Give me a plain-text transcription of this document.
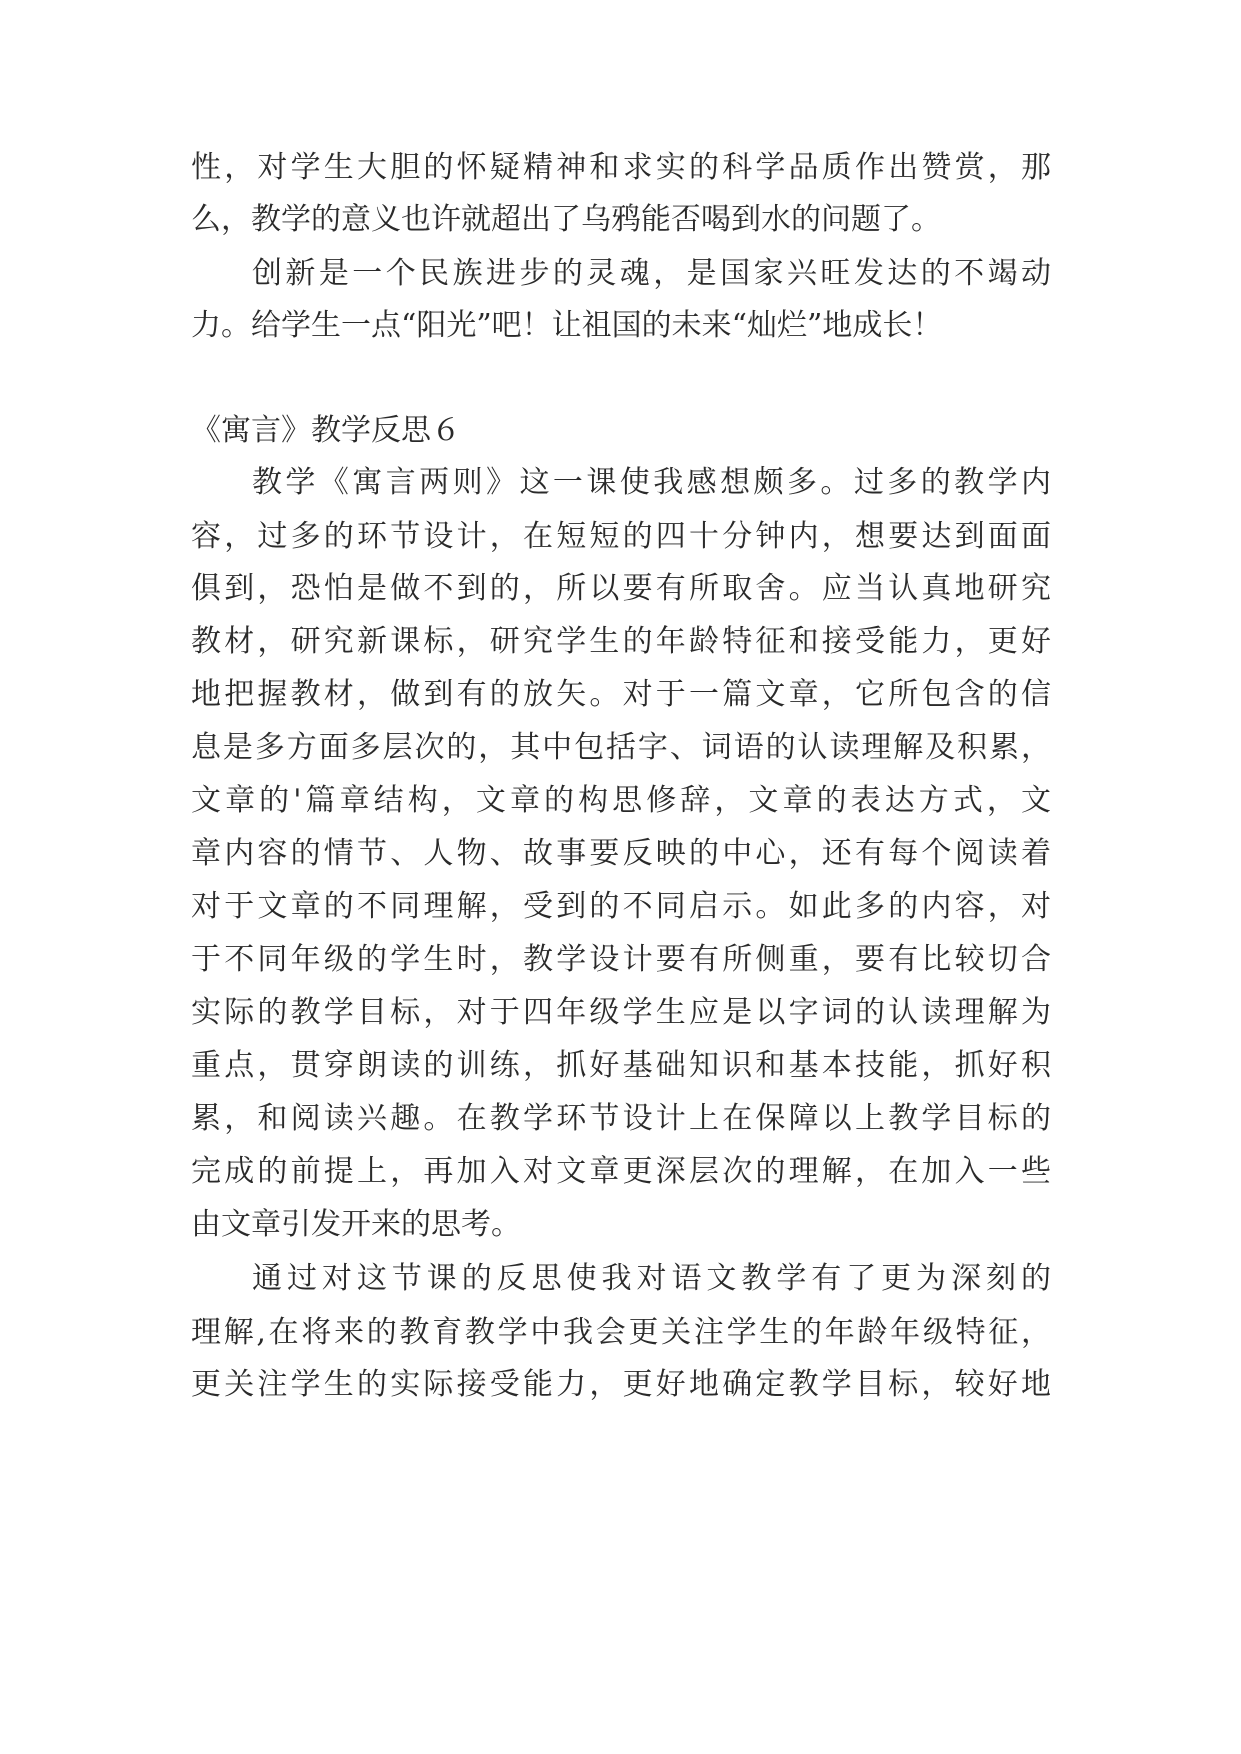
性，对学生大胆的怀疑精神和求实的科学品质作出赞赏，那
么，教学的意义也许就超出了乌鸦能否喝到水的问题了。
创新是一个民族进步的灵魂，是国家兴旺发达的不竭动
力。给学生一点“阳光”吧！让祖国的未来“灿烂”地成长！
《寓言》教学反思６
教学《寓言两则》这一课使我感想颇多。过多的教学内
容，过多的环节设计，在短短的四十分钟内，想要达到面面
俱到，恐怕是做不到的，所以要有所取舍。应当认真地研究
教材，研究新课标，研究学生的年龄特征和接受能力，更好
地把握教材，做到有的放矢。对于一篇文章，它所包含的信
息是多方面多层次的，其中包括字、词语的认读理解及积累，
文章的'篇章结构，文章的构思修辞，文章的表达方式，文
章内容的情节、人物、故事要反映的中心，还有每个阅读着
对于文章的不同理解，受到的不同启示。如此多的内容，对
于不同年级的学生时，教学设计要有所侧重，要有比较切合
实际的教学目标，对于四年级学生应是以字词的认读理解为
重点，贯穿朗读的训练，抓好基础知识和基本技能，抓好积
累，和阅读兴趣。在教学环节设计上在保障以上教学目标的
完成的前提上，再加入对文章更深层次的理解，在加入一些
由文章引发开来的思考。
通过对这节课的反思使我对语文教学有了更为深刻的
理解,在将来的教育教学中我会更关注学生的年龄年级特征，
更关注学生的实际接受能力，更好地确定教学目标，较好地
